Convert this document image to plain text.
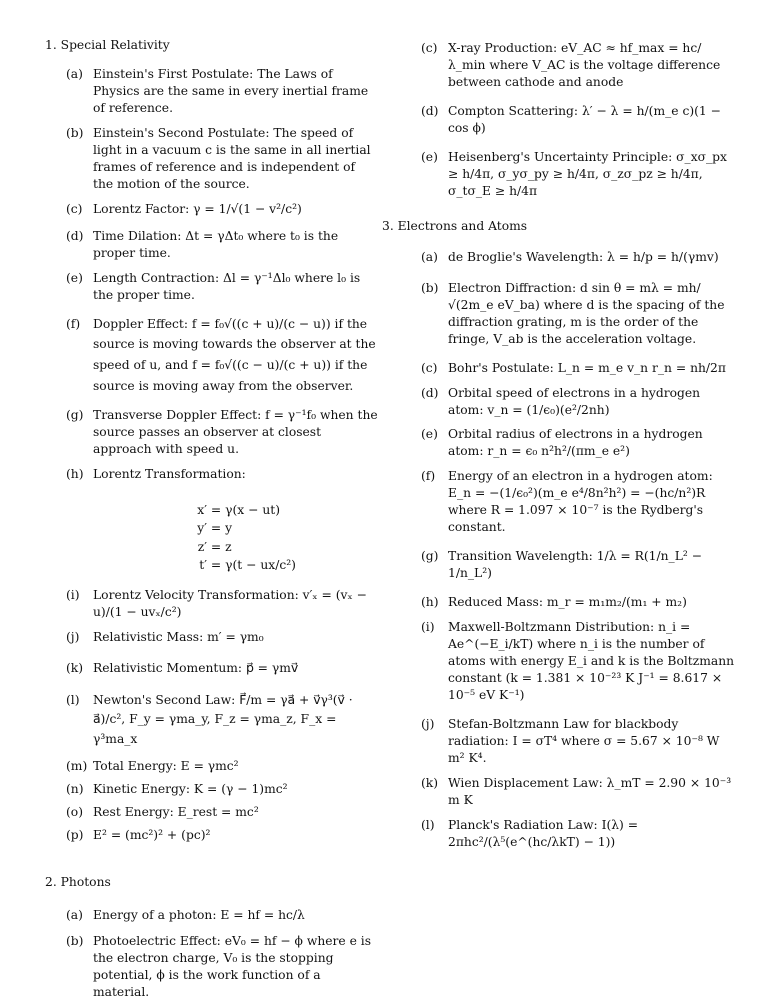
1. Special Relativity
(a) Einstein's First Postulate: The Laws of Physics are the same in every inertial frame of reference.
(b) Einstein's Second Postulate: The speed of light in a vacuum c is the same in all inertial frames of reference and is independent of the motion of the source.
(c) Lorentz Factor: γ = 1/√(1 − v²/c²)
(d) Time Dilation: Δt = γΔt₀ where t₀ is the proper time.
(e) Length Contraction: Δl = γ⁻¹Δl₀ where l₀ is the proper time.
(f) Doppler Effect: f = f₀√((c + u)/(c − u)) if the source is moving towards the observer at the speed of u, and f = f₀√((c − u)/(c + u)) if the source is moving away from the observer.
(g) Transverse Doppler Effect: f = γ⁻¹f₀ when the source passes an observer at closest approach with speed u.
(h) Lorentz Transformation:
x′
= γ(x − ut)
y′
= y
z′
= z
t′
= γ(t − ux/c²)
(i) Lorentz Velocity Transformation: v′ₓ = (vₓ − u)/(1 − uvₓ/c²)
(j) Relativistic Mass: m′ = γm₀
(k) Relativistic Momentum: p⃗ = γmv⃗
(l) Newton's Second Law: F⃗/m = γa⃗ + v⃗γ³(v⃗ · a⃗)/c², F_y = γma_y, F_z = γma_z, F_x = γ³ma_x
(m) Total Energy: E = γmc²
(n) Kinetic Energy: K = (γ − 1)mc²
(o) Rest Energy: E_rest = mc²
(p) E² = (mc²)² + (pc)²
2. Photons
(a) Energy of a photon: E = hf = hc/λ
(b) Photoelectric Effect: eV₀ = hf − ϕ where e is the electron charge, V₀ is the stopping potential, ϕ is the work function of a material.
(c) X-ray Production: eV_AC ≈ hf_max = hc/λ_min where V_AC is the voltage difference between cathode and anode
(d) Compton Scattering: λ′ − λ = h/(m_e c)(1 − cos ϕ)
(e) Heisenberg's Uncertainty Principle: σ_xσ_px ≥ h/4π, σ_yσ_py ≥ h/4π, σ_zσ_pz ≥ h/4π, σ_tσ_E ≥ h/4π
3. Electrons and Atoms
(a) de Broglie's Wavelength: λ = h/p = h/(γmv)
(b) Electron Diffraction: d sin θ = mλ = mh/√(2m_e eV_ba) where d is the spacing of the diffraction grating, m is the order of the fringe, V_ab is the acceleration voltage.
(c) Bohr's Postulate: L_n = m_e v_n r_n = nh/2π
(d) Orbital speed of electrons in a hydrogen atom: v_n = (1/ϵ₀)(e²/2nh)
(e) Orbital radius of electrons in a hydrogen atom: r_n = ϵ₀ n²h²/(πm_e e²)
(f) Energy of an electron in a hydrogen atom: E_n = −(1/ϵ₀²)(m_e e⁴/8n²h²) = −(hc/n²)R where R = 1.097 × 10⁻⁷ is the Rydberg's constant.
(g) Transition Wavelength: 1/λ = R(1/n_L² − 1/n_L²)
(h) Reduced Mass: m_r = m₁m₂/(m₁ + m₂)
(i) Maxwell-Boltzmann Distribution: n_i = Ae^(−E_i/kT) where n_i is the number of atoms with energy E_i and k is the Boltzmann constant (k = 1.381 × 10⁻²³ K J⁻¹ = 8.617 × 10⁻⁵ eV K⁻¹)
(j) Stefan-Boltzmann Law for blackbody radiation: I = σT⁴ where σ = 5.67 × 10⁻⁸ W m² K⁴.
(k) Wien Displacement Law: λ_mT = 2.90 × 10⁻³ m K
(l) Planck's Radiation Law: I(λ) = 2πhc²/(λ⁵(e^(hc/λkT) − 1))
